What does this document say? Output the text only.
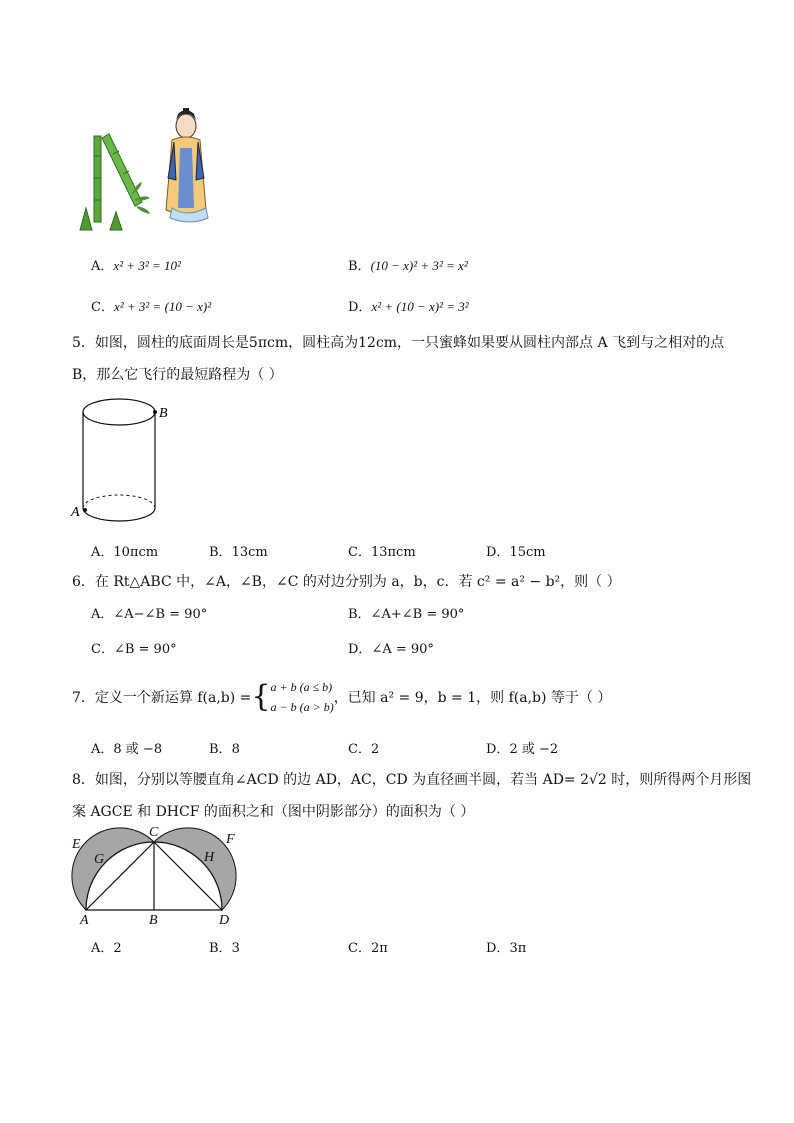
A．x² + 3² = 10²	B．(10 − x)² + 3² = x²
C．x² + 3² = (10 − x)²	D．x² + (10 − x)² = 3²
5．如图，圆柱的底面周长是5πcm，圆柱高为12cm，一只蜜蜂如果要从圆柱内部点 A 飞到与之相对的点
B，那么它飞行的最短路程为（ ）
B
A
A．10πcm	B．13cm	C．13πcm	D．15cm
6．在 Rt△ABC 中，∠A，∠B，∠C 的对边分别为 a，b，c．若 c² = a² − b²，则（ ）
A．∠A−∠B = 90°	B．∠A+∠B = 90°
C．∠B = 90°	D．∠A = 90°
7．定义一个新运算 f(a,b) = { a + b (a ≤ b)
a − b (a > b)
，已知 a² = 9，b = 1，则 f(a,b) 等于（ ）
A．8 或 −8	B．8	C．2	D．2 或 −2
8．如图，分别以等腰直角∠ACD 的边 AD，AC，CD 为直径画半圆，若当 AD= 2√2 时，则所得两个月形图
案 AGCE 和 DHCF 的面积之和（图中阴影部分）的面积为（ ）
E
G
C
H
F
A	B	D
A．2	B．3	C．2π	D．3π
